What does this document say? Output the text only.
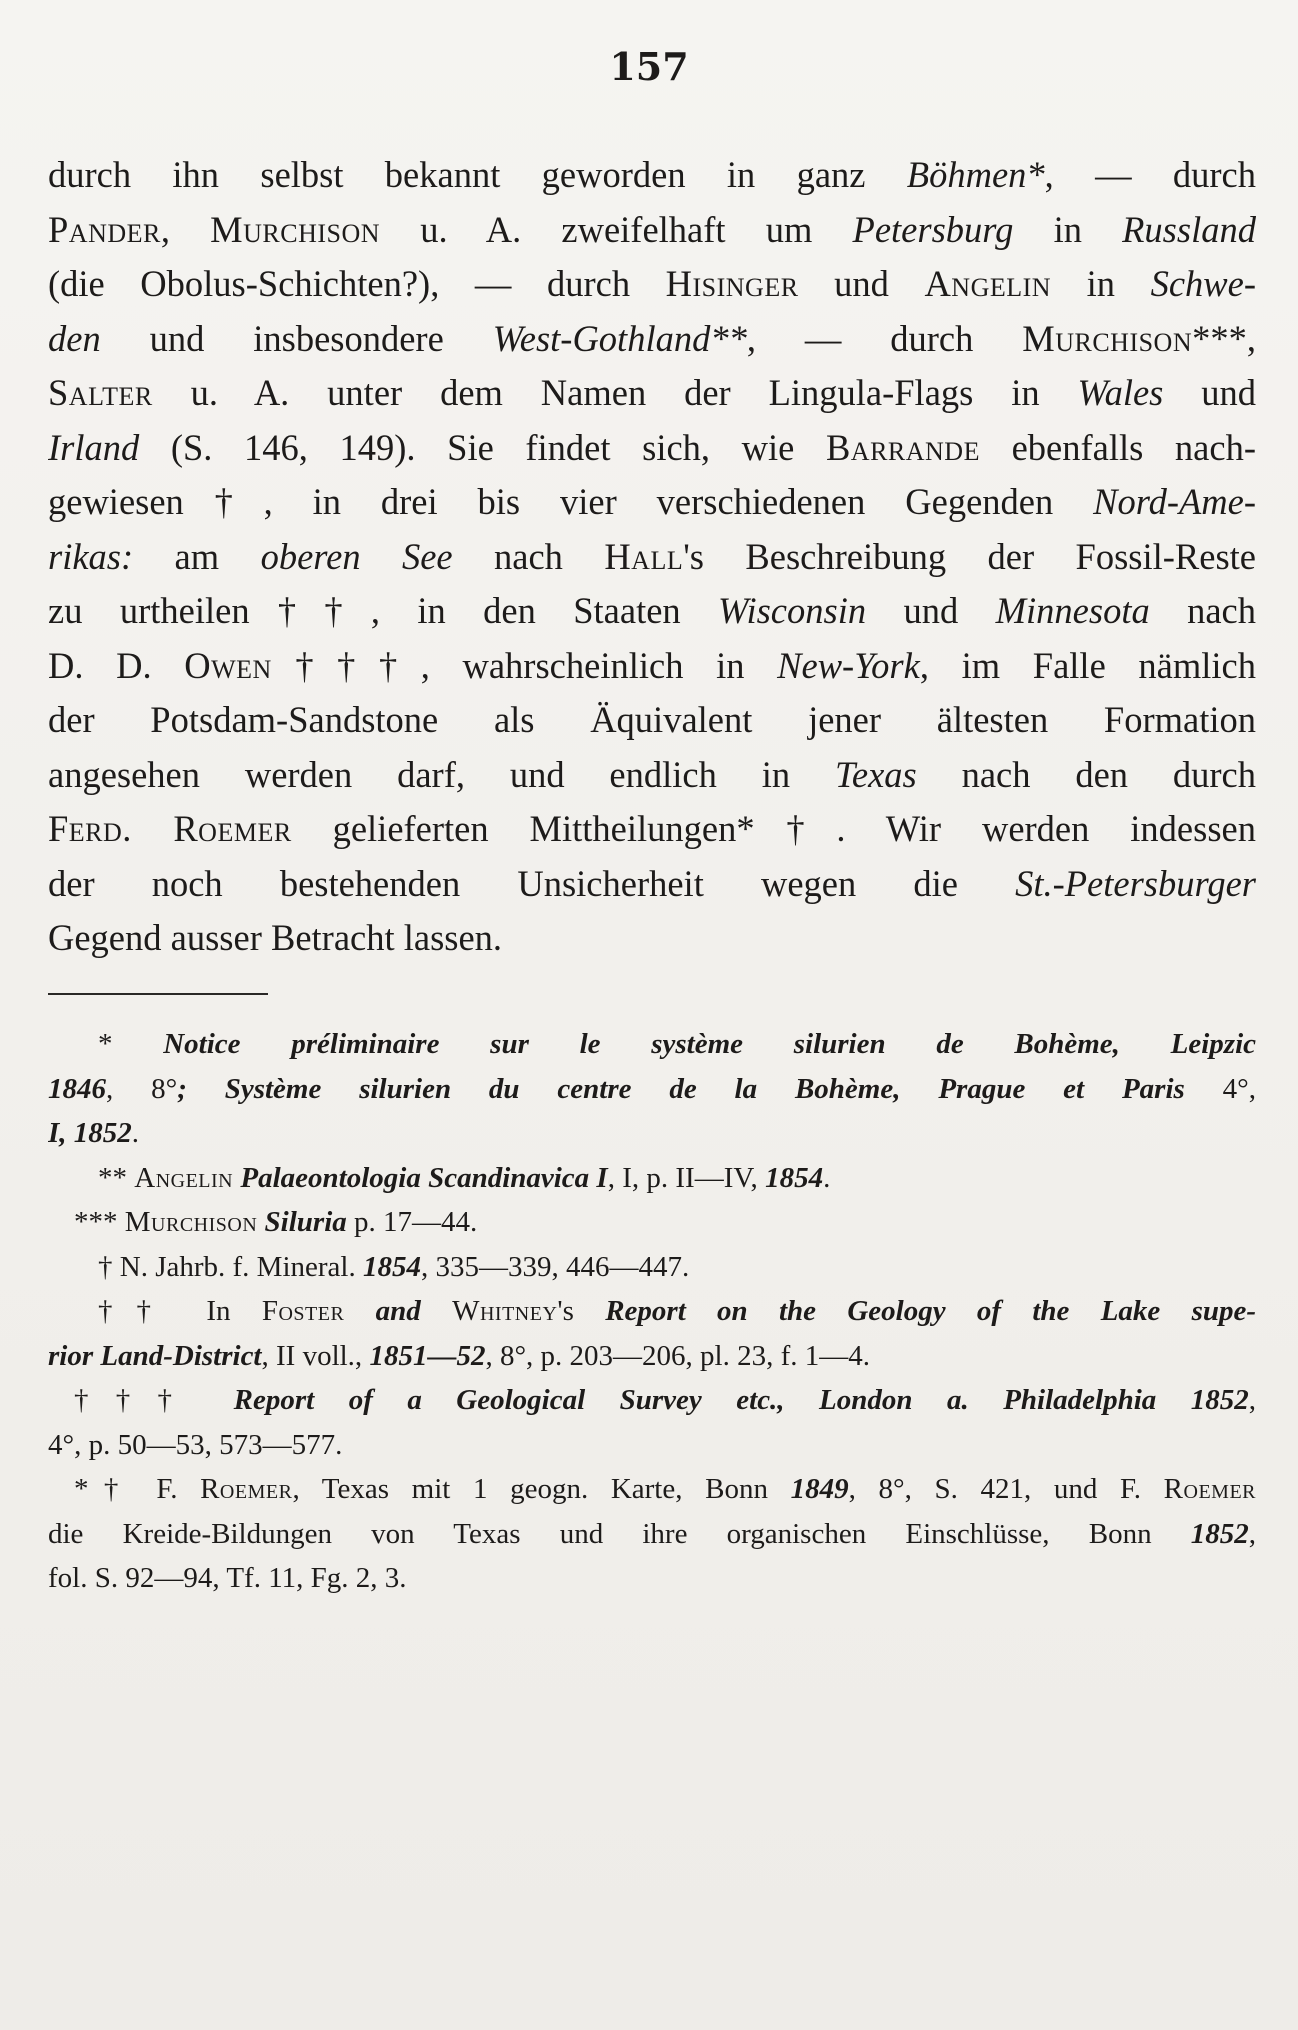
157
durch ihn selbst bekannt geworden in ganz Böhmen*, — durch
Pander, Murchison u. A. zweifelhaft um Petersburg in Russland
(die Obolus-Schichten?), — durch Hisinger und Angelin in Schwe-
den und insbesondere West-Gothland**, — durch Murchison***,
Salter u. A. unter dem Namen der Lingula-Flags in Wales und
Irland (S. 146, 149). Sie findet sich, wie Barrande ebenfalls nach-
gewiesen†, in drei bis vier verschiedenen Gegenden Nord-Ame-
rikas: am oberen See nach Hall's Beschreibung der Fossil-Reste
zu urtheilen††, in den Staaten Wisconsin und Minnesota nach
D. D. Owen†††, wahrscheinlich in New-York, im Falle nämlich
der Potsdam-Sandstone als Äquivalent jener ältesten Formation
angesehen werden darf, und endlich in Texas nach den durch
Ferd. Roemer gelieferten Mittheilungen*†. Wir werden indessen
der noch bestehenden Unsicherheit wegen die St.-Petersburger
Gegend ausser Betracht lassen.
* Notice préliminaire sur le système silurien de Bohème, Leipzic
1846, 8°; Système silurien du centre de la Bohème, Prague et Paris 4°,
I, 1852.
** Angelin Palaeontologia Scandinavica I, I, p. II—IV, 1854.
*** Murchison Siluria p. 17—44.
† N. Jahrb. f. Mineral. 1854, 335—339, 446—447.
†† In Foster and Whitney's Report on the Geology of the Lake supe-
rior Land-District, II voll., 1851—52, 8°, p. 203—206, pl. 23, f. 1—4.
††† Report of a Geological Survey etc., London a. Philadelphia 1852,
4°, p. 50—53, 573—577.
*† F. Roemer, Texas mit 1 geogn. Karte, Bonn 1849, 8°, S. 421, und F. Roemer
die Kreide-Bildungen von Texas und ihre organischen Einschlüsse, Bonn 1852,
fol. S. 92—94, Tf. 11, Fg. 2, 3.
